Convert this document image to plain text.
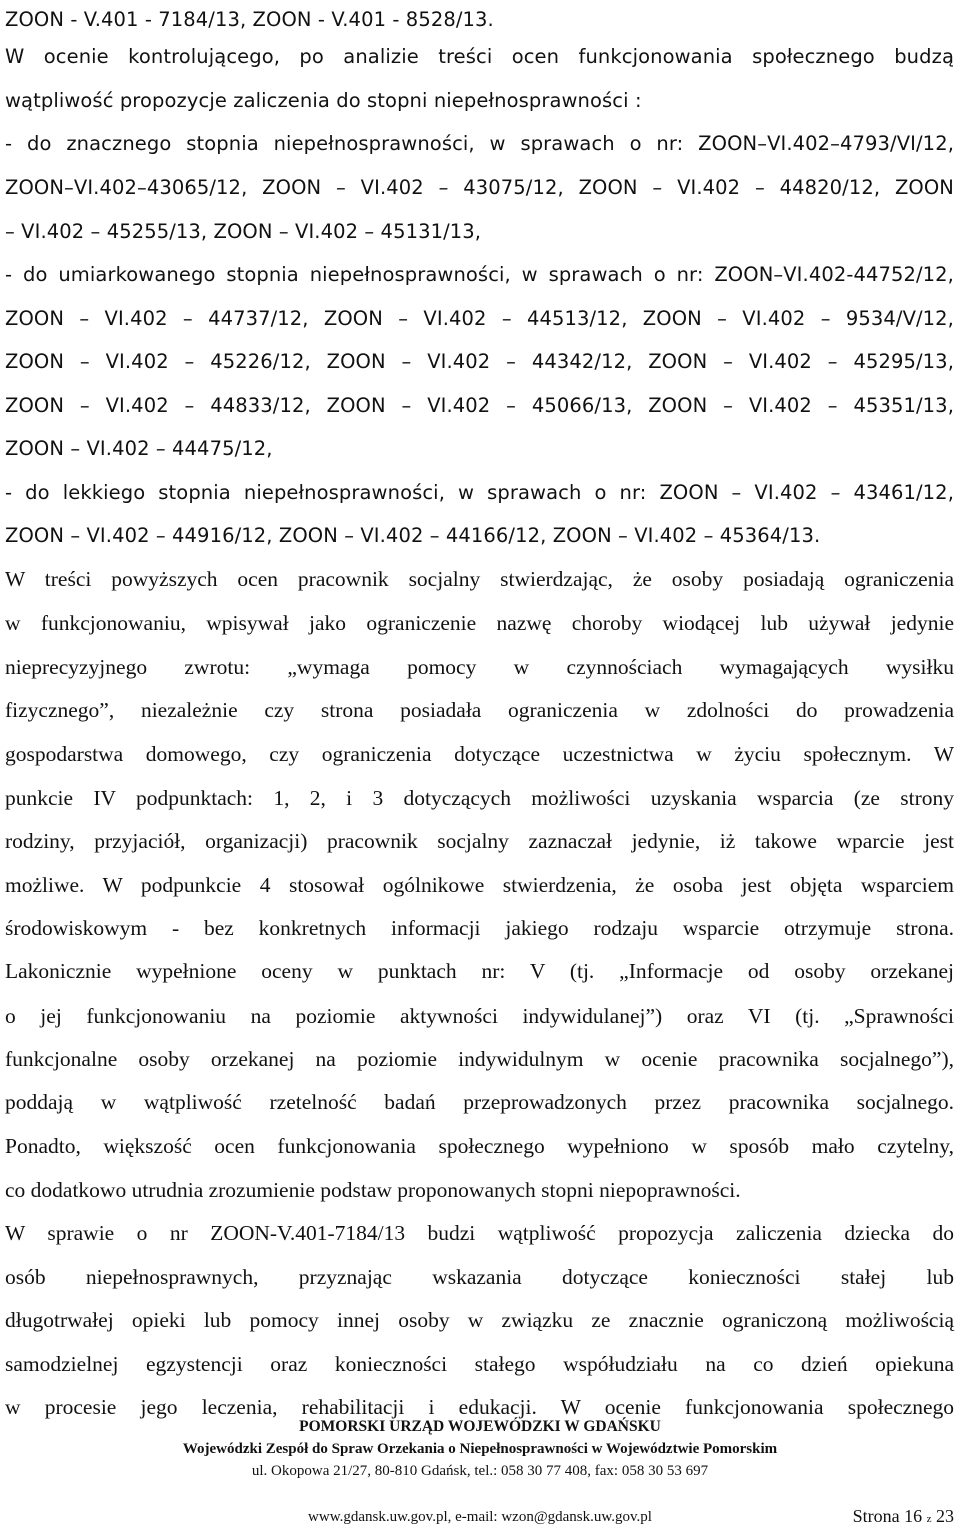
ZOON - V.401 - 7184/13, ZOON - V.401 - 8528/13.
W ocenie kontrolującego, po analizie treści ocen funkcjonowania społecznego budzą
wątpliwość propozycje zaliczenia do stopni niepełnosprawności :
- do znacznego stopnia niepełnosprawności, w sprawach o nr: ZOON–VI.402–4793/VI/12,
ZOON–VI.402–43065/12, ZOON – VI.402 – 43075/12, ZOON – VI.402 – 44820/12, ZOON
– VI.402 – 45255/13, ZOON – VI.402 – 45131/13,
- do umiarkowanego stopnia niepełnosprawności, w sprawach o nr: ZOON–VI.402-44752/12,
ZOON – VI.402 – 44737/12, ZOON – VI.402 – 44513/12, ZOON – VI.402 – 9534/V/12,
ZOON – VI.402 – 45226/12, ZOON – VI.402 – 44342/12, ZOON – VI.402 – 45295/13,
ZOON – VI.402 – 44833/12, ZOON – VI.402 – 45066/13, ZOON – VI.402 – 45351/13,
ZOON – VI.402 – 44475/12,
- do lekkiego stopnia niepełnosprawności, w sprawach o nr: ZOON – VI.402 – 43461/12,
ZOON – VI.402 – 44916/12, ZOON – VI.402 – 44166/12, ZOON – VI.402 – 45364/13.
W treści powyższych ocen pracownik socjalny stwierdzając, że osoby posiadają ograniczenia
w funkcjonowaniu, wpisywał jako ograniczenie nazwę choroby wiodącej lub używał jedynie
nieprecyzyjnego zwrotu: „wymaga pomocy w czynnościach wymagających wysiłku
fizycznego”, niezależnie czy strona posiadała ograniczenia w zdolności do prowadzenia
gospodarstwa domowego, czy ograniczenia dotyczące uczestnictwa w życiu społecznym. W
punkcie IV podpunktach: 1, 2, i 3 dotyczących możliwości uzyskania wsparcia (ze strony
rodziny, przyjaciół, organizacji) pracownik socjalny zaznaczał jedynie, iż takowe wparcie jest
możliwe. W podpunkcie 4 stosował ogólnikowe stwierdzenia, że osoba jest objęta wsparciem
środowiskowym - bez konkretnych informacji jakiego rodzaju wsparcie otrzymuje strona.
Lakonicznie wypełnione oceny w punktach nr: V (tj. „Informacje od osoby orzekanej
o jej funkcjonowaniu na poziomie aktywności indywidulanej”) oraz VI (tj. „Sprawności
funkcjonalne osoby orzekanej na poziomie indywidulnym w ocenie pracownika socjalnego”),
poddają w wątpliwość rzetelność badań przeprowadzonych przez pracownika socjalnego.
Ponadto, większość ocen funkcjonowania społecznego wypełniono w sposób mało czytelny,
co dodatkowo utrudnia zrozumienie podstaw proponowanych stopni niepoprawności.
W sprawie o nr ZOON-V.401-7184/13 budzi wątpliwość propozycja zaliczenia dziecka do
osób niepełnosprawnych, przyznając wskazania dotyczące konieczności stałej lub
długotrwałej opieki lub pomocy innej osoby w związku ze znacznie ograniczoną możliwością
samodzielnej egzystencji oraz konieczności stałego współudziału na co dzień opiekuna
w procesie jego leczenia, rehabilitacji i edukacji. W ocenie funkcjonowania społecznego
POMORSKI URZĄD WOJEWÓDZKI W GDAŃSKU
Wojewódzki Zespół do Spraw Orzekania o Niepełnosprawności w Województwie Pomorskim
ul. Okopowa 21/27, 80-810 Gdańsk, tel.: 058 30 77 408, fax: 058 30 53 697
www.gdansk.uw.gov.pl, e-mail: wzon@gdansk.uw.gov.pl	Strona 16 z 23
